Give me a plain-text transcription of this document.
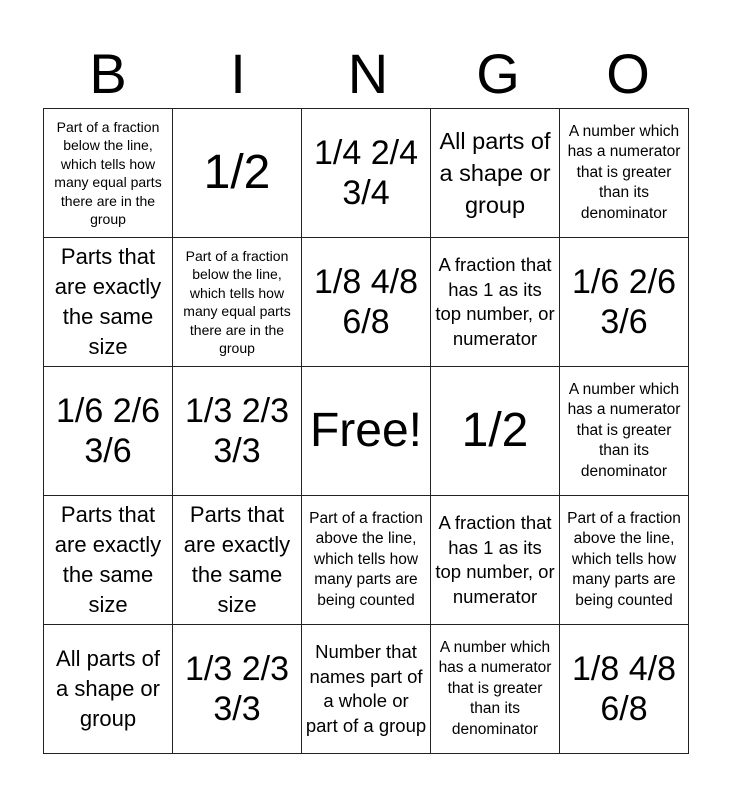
B	I	N	G	O
Part of a fraction below the line, which tells how many equal parts there are in the group	1/2	1/4 2/4 3/4	All parts of a shape or group	A number which has a numerator that is greater than its denominator
Parts that are exactly the same size	Part of a fraction below the line, which tells how many equal parts there are in the group	1/8 4/8 6/8	A fraction that has 1 as its top number, or numerator	1/6 2/6 3/6
1/6 2/6 3/6	1/3 2/3 3/3	Free!	1/2	A number which has a numerator that is greater than its denominator
Parts that are exactly the same size	Parts that are exactly the same size	Part of a fraction above the line, which tells how many parts are being counted	A fraction that has 1 as its top number, or numerator	Part of a fraction above the line, which tells how many parts are being counted
All parts of a shape or group	1/3 2/3 3/3	Number that names part of a whole or part of a group	A number which has a numerator that is greater than its denominator	1/8 4/8 6/8
